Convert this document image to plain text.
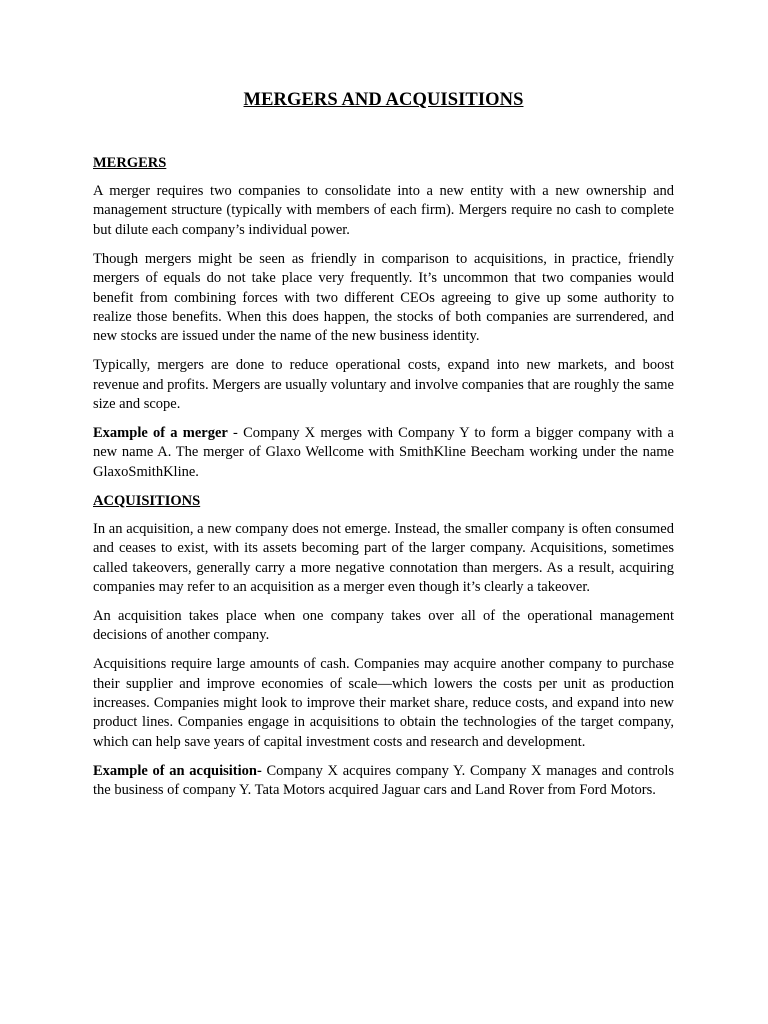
MERGERS AND ACQUISITIONS
MERGERS

A merger requires two companies to consolidate into a new entity with a new ownership and management structure (typically with members of each firm). Mergers require no cash to complete but dilute each company’s individual power.

Though mergers might be seen as friendly in comparison to acquisitions, in practice, friendly mergers of equals do not take place very frequently. It’s uncommon that two companies would benefit from combining forces with two different CEOs agreeing to give up some authority to realize those benefits. When this does happen, the stocks of both companies are surrendered, and new stocks are issued under the name of the new business identity.

Typically, mergers are done to reduce operational costs, expand into new markets, and boost revenue and profits. Mergers are usually voluntary and involve companies that are roughly the same size and scope.

Example of a merger - Company X merges with Company Y to form a bigger company with a new name A. The merger of Glaxo Wellcome with SmithKline Beecham working under the name GlaxoSmithKline.

ACQUISITIONS

In an acquisition, a new company does not emerge. Instead, the smaller company is often consumed and ceases to exist, with its assets becoming part of the larger company. Acquisitions, sometimes called takeovers, generally carry a more negative connotation than mergers. As a result, acquiring companies may refer to an acquisition as a merger even though it’s clearly a takeover.

An acquisition takes place when one company takes over all of the operational management decisions of another company.

Acquisitions require large amounts of cash. Companies may acquire another company to purchase their supplier and improve economies of scale—which lowers the costs per unit as production increases. Companies might look to improve their market share, reduce costs, and expand into new product lines. Companies engage in acquisitions to obtain the technologies of the target company, which can help save years of capital investment costs and research and development.

Example of an acquisition- Company X acquires company Y. Company X manages and controls the business of company Y. Tata Motors acquired Jaguar cars and Land Rover from Ford Motors.
